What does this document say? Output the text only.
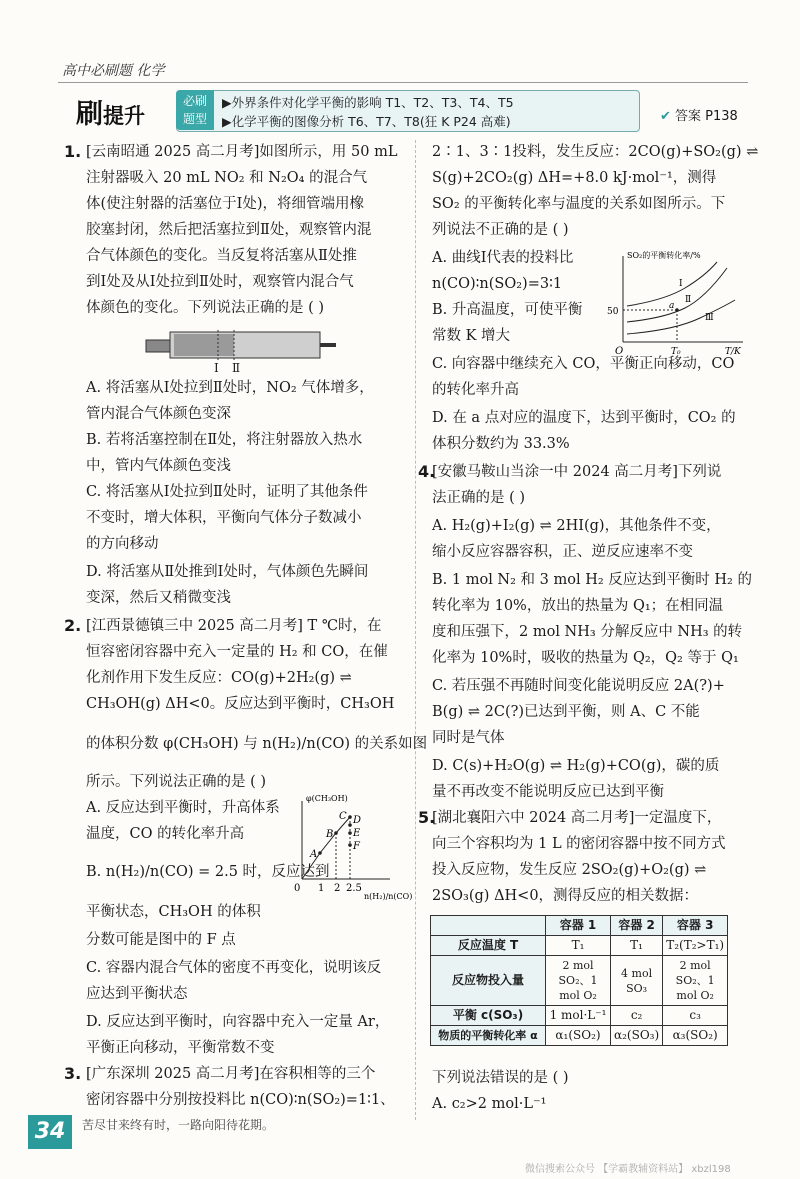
高中必刷题 化学
刷提升
必刷
题型
▶外界条件对化学平衡的影响 T1、T2、T3、T4、T5
▶化学平衡的图像分析 T6、T7、T8(狂 K P24 高难)	✔ 答案 P138
1. [云南昭通 2025 高二月考]如图所示，用 50 mL
注射器吸入 20 mL NO₂ 和 N₂O₄ 的混合气
体(使注射器的活塞位于Ⅰ处)，将细管端用橡
胶塞封闭，然后把活塞拉到Ⅱ处，观察管内混
合气体颜色的变化。当反复将活塞从Ⅱ处推
到Ⅰ处及从Ⅰ处拉到Ⅱ处时，观察管内混合气
体颜色的变化。下列说法正确的是 ( )
Ⅰ Ⅱ
A. 将活塞从Ⅰ处拉到Ⅱ处时，NO₂ 气体增多，
管内混合气体颜色变深
B. 若将活塞控制在Ⅱ处，将注射器放入热水
中，管内气体颜色变浅
C. 将活塞从Ⅰ处拉到Ⅱ处时，证明了其他条件
不变时，增大体积，平衡向气体分子数减小
的方向移动
D. 将活塞从Ⅱ处推到Ⅰ处时，气体颜色先瞬间
变深，然后又稍微变浅
2. [江西景德镇三中 2025 高二月考] T ℃时，在
恒容密闭容器中充入一定量的 H₂ 和 CO，在催
化剂作用下发生反应：CO(g)+2H₂(g) ⇌
CH₃OH(g) ΔH<0。反应达到平衡时，CH₃OH
的体积分数 φ(CH₃OH) 与 n(H₂)/n(CO) 的关系如图
所示。下列说法正确的是 ( )
A. 反应达到平衡时，升高体系
温度，CO 的转化率升高
B. n(H₂)/n(CO) = 2.5 时，反应达到
平衡状态，CH₃OH 的体积
分数可能是图中的 F 点
C. 容器内混合气体的密度不再变化，说明该反
应达到平衡状态
D. 反应达到平衡时，向容器中充入一定量 Ar，
平衡正向移动，平衡常数不变
φ(CH₃OH)
0 1 2 2.5
n(H₂)/n(CO)
A
B
C D
E
F
3. [广东深圳 2025 高二月考]在容积相等的三个
密闭容器中分别按投料比 n(CO)∶n(SO₂)=1∶1、
2∶1、3∶1投料，发生反应：2CO(g)+SO₂(g) ⇌
S(g)+2CO₂(g) ΔH=+8.0 kJ·mol⁻¹，测得
SO₂ 的平衡转化率与温度的关系如图所示。下
列说法不正确的是 ( )
A. 曲线Ⅰ代表的投料比
n(CO)∶n(SO₂)=3∶1
B. 升高温度，可使平衡
常数 K 增大
C. 向容器中继续充入 CO，平衡正向移动，CO
的转化率升高
D. 在 a 点对应的温度下，达到平衡时，CO₂ 的
体积分数约为 33.3%
SO₂的平衡转化率/%
50
O	T₀	T/K
Ⅰ
Ⅱ
Ⅲ
a
4.
[安徽马鞍山当涂一中 2024 高二月考]下列说
法正确的是 ( )
A. H₂(g)+I₂(g) ⇌ 2HI(g)，其他条件不变，
缩小反应容器容积，正、逆反应速率不变
B. 1 mol N₂ 和 3 mol H₂ 反应达到平衡时 H₂ 的
转化率为 10%，放出的热量为 Q₁；在相同温
度和压强下，2 mol NH₃ 分解反应中 NH₃ 的转
化率为 10%时，吸收的热量为 Q₂，Q₂ 等于 Q₁
C. 若压强不再随时间变化能说明反应 2A(?)+
B(g) ⇌ 2C(?)已达到平衡，则 A、C 不能
同时是气体
D. C(s)+H₂O(g) ⇌ H₂(g)+CO(g)，碳的质
量不再改变不能说明反应已达到平衡
5.
[湖北襄阳六中 2024 高二月考]一定温度下，
向三个容积均为 1 L 的密闭容器中按不同方式
投入反应物，发生反应 2SO₂(g)+O₂(g) ⇌
2SO₃(g) ΔH<0，测得反应的相关数据：
	容器 1	容器 2	容器 3
反应温度 T	T₁	T₁	T₂(T₂>T₁)
反应物投入量	2 mol SO₂、1 mol O₂	4 mol SO₃	2 mol SO₂、1 mol O₂
平衡 c(SO₃)	1 mol·L⁻¹	c₂	c₃
物质的平衡转化率 α	α₁(SO₂)	α₂(SO₃)	α₃(SO₂)
下列说法错误的是 ( )
A. c₂>2 mol·L⁻¹
34	苦尽甘来终有时，一路向阳待花期。
微信搜索公众号 【学霸教辅资料站】 xbzl198
